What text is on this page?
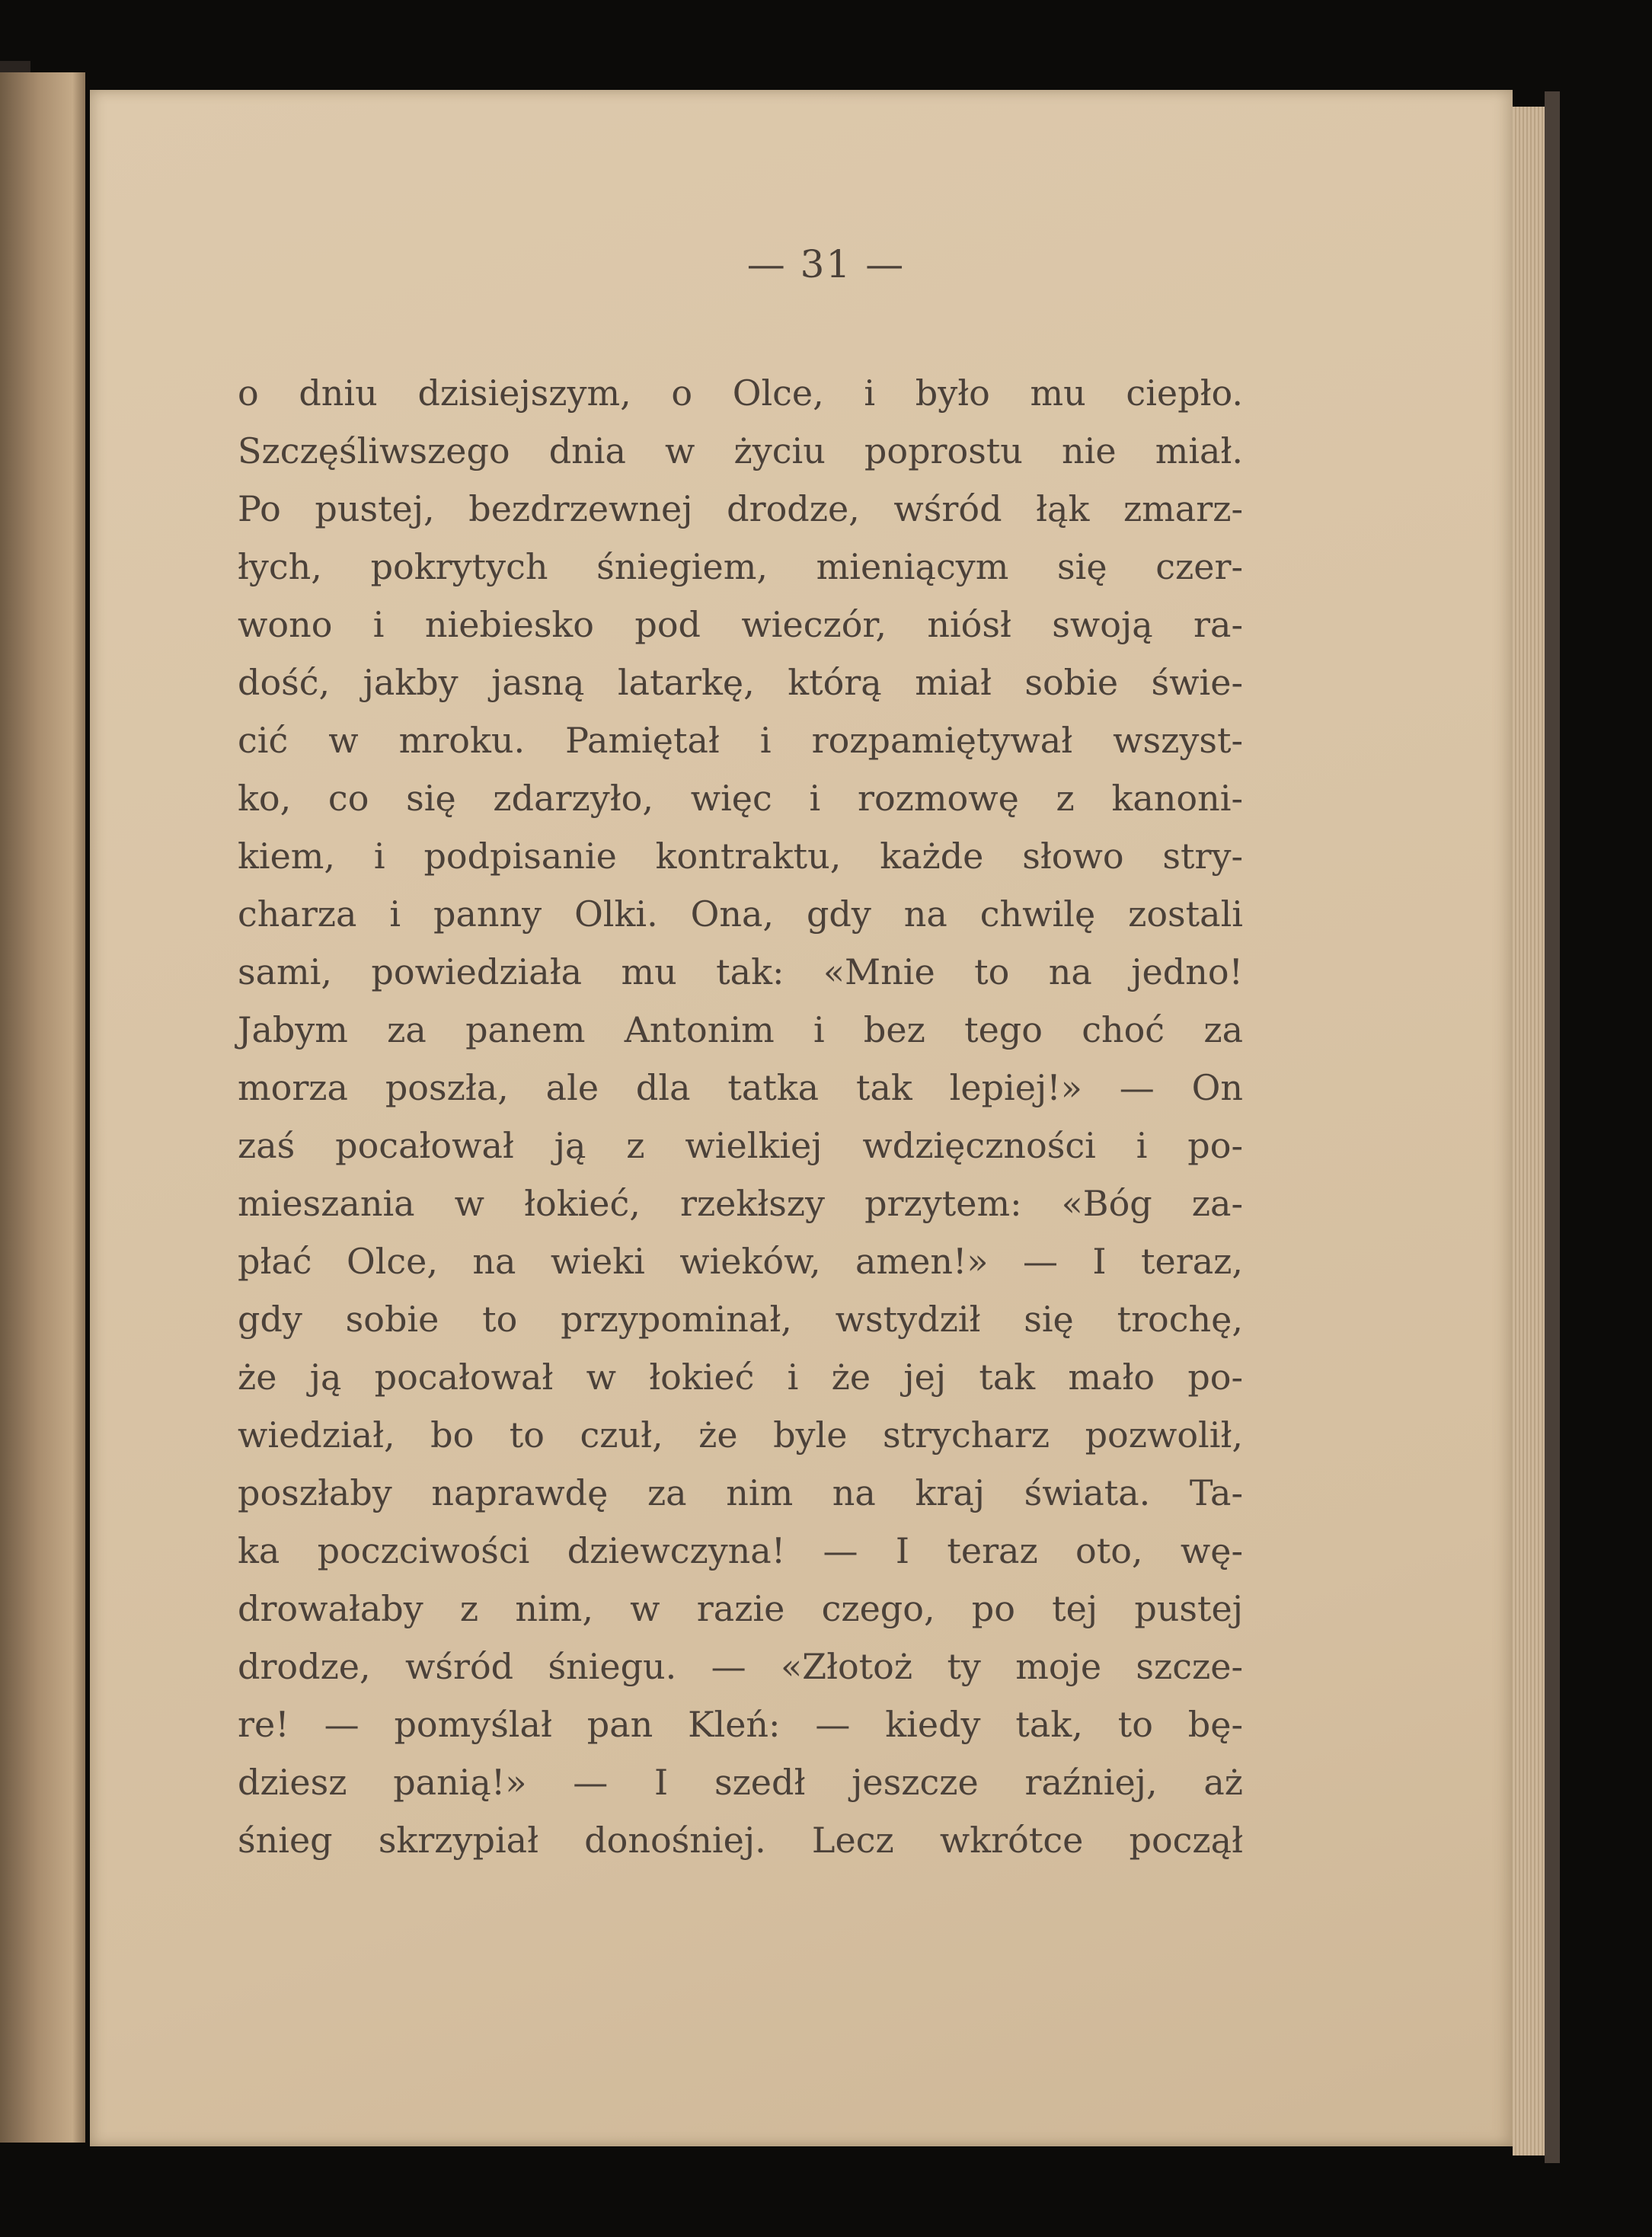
— 31 —
o dniu dzisiejszym, o Olce, i było mu ciepło.
Szczęśliwszego dnia w życiu poprostu nie miał.
Po pustej, bezdrzewnej drodze, wśród łąk zmarz-
łych, pokrytych śniegiem, mieniącym się czer-
wono i niebiesko pod wieczór, niósł swoją ra-
dość, jakby jasną latarkę, którą miał sobie świe-
cić w mroku. Pamiętał i rozpamiętywał wszyst-
ko, co się zdarzyło, więc i rozmowę z kanoni-
kiem, i podpisanie kontraktu, każde słowo stry-
charza i panny Olki. Ona, gdy na chwilę zostali
sami, powiedziała mu tak: «Mnie to na jedno!
Jabym za panem Antonim i bez tego choć za
morza poszła, ale dla tatka tak lepiej!» — On
zaś pocałował ją z wielkiej wdzięczności i po-
mieszania w łokieć, rzekłszy przytem: «Bóg za-
płać Olce, na wieki wieków, amen!» — I teraz,
gdy sobie to przypominał, wstydził się trochę,
że ją pocałował w łokieć i że jej tak mało po-
wiedział, bo to czuł, że byle strycharz pozwolił,
poszłaby naprawdę za nim na kraj świata. Ta-
ka poczciwości dziewczyna! — I teraz oto, wę-
drowałaby z nim, w razie czego, po tej pustej
drodze, wśród śniegu. — «Złotoż ty moje szcze-
re! — pomyślał pan Kleń: — kiedy tak, to bę-
dziesz panią!» — I szedł jeszcze raźniej, aż
śnieg skrzypiał donośniej. Lecz wkrótce począł
